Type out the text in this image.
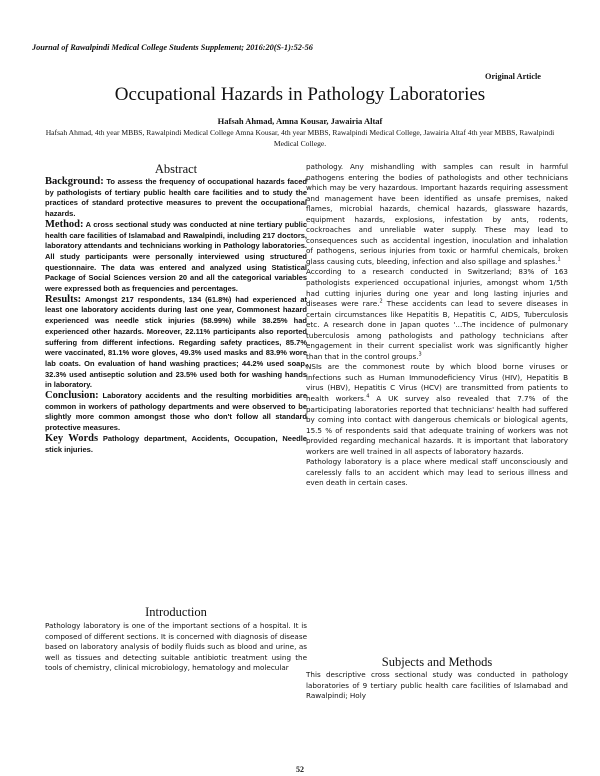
Journal of Rawalpindi Medical College Students Supplement; 2016:20(S-1):52-56
Original Article
Occupational Hazards in Pathology Laboratories
Hafsah Ahmad, Amna Kousar, Jawairia Altaf
Hafsah Ahmad, 4th year MBBS, Rawalpindi Medical College Amna Kousar, 4th year MBBS, Rawalpindi Medical College, Jawairia Altaf 4th year MBBS, Rawalpindi Medical College.
Abstract

Background: To assess the frequency of occupational hazards faced by pathologists of tertiary public health care facilities and to study the practices of standard protective measures to prevent the occupational hazards.

Method: A cross sectional study was conducted at nine tertiary public health care facilities of Islamabad and Rawalpindi, including 217 doctors, laboratory attendants and technicians working in Pathology laboratories. All study participants were personally interviewed using structured questionnaire. The data was entered and analyzed using Statistical Package of Social Sciences version 20 and all the categorical variables were expressed both as frequencies and percentages.

Results: Amongst 217 respondents, 134 (61.8%) had experienced at least one laboratory accidents during last one year, Commonest hazard experienced was needle stick injuries (58.99%) while 38.25% had experienced other hazards. Moreover, 22.11% participants also reported suffering from different infections. Regarding safety practices, 85.7% were vaccinated, 81.1% wore gloves, 49.3% used masks and 83.9% wore lab coats. On evaluation of hand washing practices; 44.2% used soap, 32.3% used antiseptic solution and 23.5% used both for washing hands in laboratory.

Conclusion: Laboratory accidents and the resulting morbidities are common in workers of pathology departments and were observed to be slightly more common amongst those who don't follow all standard protective measures.

Key Words Pathology department, Accidents, Occupation, Needle stick injuries.

Introduction
Pathology laboratory is one of the important sections of a hospital. It is composed of different sections. It is concerned with diagnosis of disease based on laboratory analysis of bodily fluids such as blood and urine, as well as tissues and detecting suitable antibiotic treatment using the tools of chemistry, clinical microbiology, hematology and molecular

pathology. Any mishandling with samples can result in harmful pathogens entering the bodies of pathologists and other technicians which may be very hazardous. Important hazards requiring assessment and management have been identified as unsafe premises, naked flames, microbial hazards, chemical hazards, glassware hazards, equipment hazards, explosions, infestation by ants, rodents, cockroaches and unreliable water supply. These may lead to consequences such as accidental ingestion, inoculation and inhalation of pathogens, serious injuries from toxic or harmful chemicals, broken glass causing cuts, bleeding, infection and also spillage and splashes.$^1$

According to a research conducted in Switzerland; 83% of 163 pathologists experienced occupational injuries, amongst whom 1/5th had cutting injuries during one year and long lasting injuries and diseases were rare.$^2$ These accidents can lead to severe diseases in certain circumstances like Hepatitis B, Hepatitis C, AIDS, Tuberculosis etc. A research done in Japan quotes '...The incidence of pulmonary tuberculosis among pathologists and pathology technicians after engagement in their current specialist work was significantly higher than that in the control groups.$^3$

NSIs are the commonest route by which blood borne viruses or infections such as Human Immunodeficiency Virus (HIV), Hepatitis B virus (HBV), Hepatitis C Virus (HCV) are transmitted from patients to health workers.$^4$ A UK survey also revealed that 7.7% of the participating laboratories reported that technicians' health had suffered by coming into contact with dangerous chemicals or biological agents, 15.5 % of respondents said that adequate training of workers was not provided regarding mechanical hazards. It is important that laboratory workers are well trained in all aspects of laboratory hazards.

Pathology laboratory is a place where medical staff unconsciously and carelessly falls to an accident which may lead to serious illness and even death in certain cases.

Subjects and Methods
This descriptive cross sectional study was conducted in pathology laboratories of 9 tertiary public health care facilities of Islamabad and Rawalpindi; Holy
52
